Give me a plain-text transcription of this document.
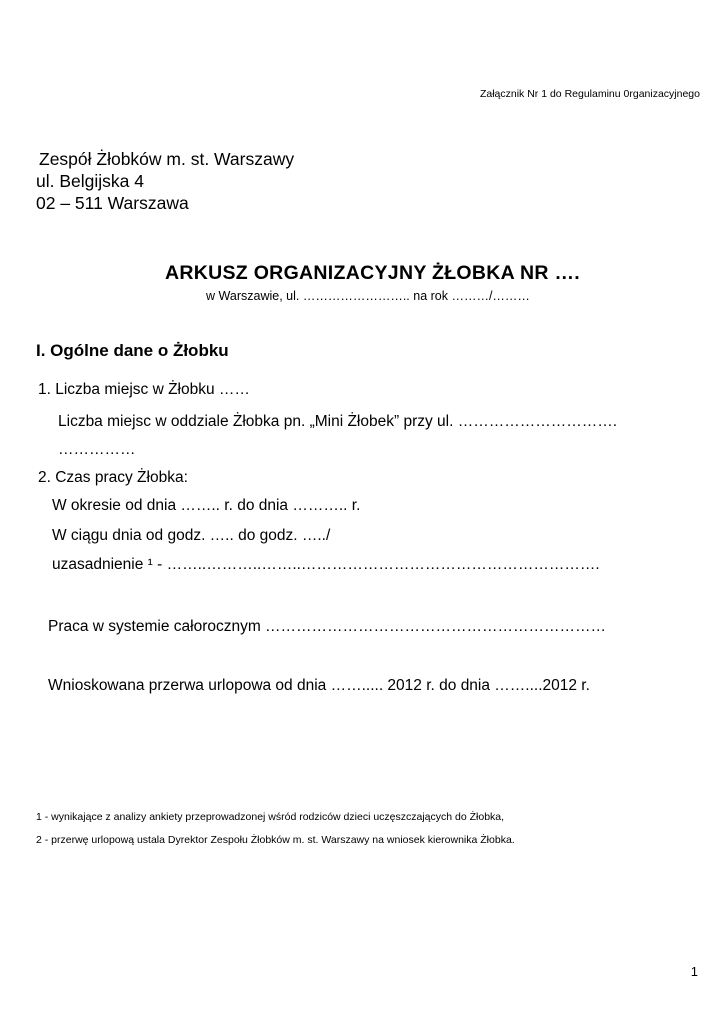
Załącznik Nr 1 do Regulaminu 0rganizacyjnego
Zespół Żłobków m. st. Warszawy
ul. Belgijska 4
02 – 511 Warszawa
ARKUSZ ORGANIZACYJNY ŻŁOBKA NR ….
w Warszawie, ul. …………………….. na rok ………/………
I. Ogólne dane o Żłobku
1. Liczba miejsc w Żłobku ……
Liczba miejsc w oddziale Żłobka pn. „Mini Żłobek” przy ul. ………………………….
……………
2. Czas pracy Żłobka:
W okresie od dnia …….. r. do dnia ……….. r.
W ciągu dnia od godz. ….. do godz. …../
uzasadnienie ¹ - ……..………..……..………………………………………………….
Praca w systemie całorocznym …………………………………………………………
Wnioskowana przerwa urlopowa od dnia ……..... 2012 r. do dnia ……....2012 r.
1 - wynikające z analizy ankiety przeprowadzonej wśród rodziców dzieci uczęszczających do Żłobka,
2 - przerwę urlopową ustala Dyrektor Zespołu Żłobków m. st. Warszawy na wniosek kierownika Żłobka.
1
